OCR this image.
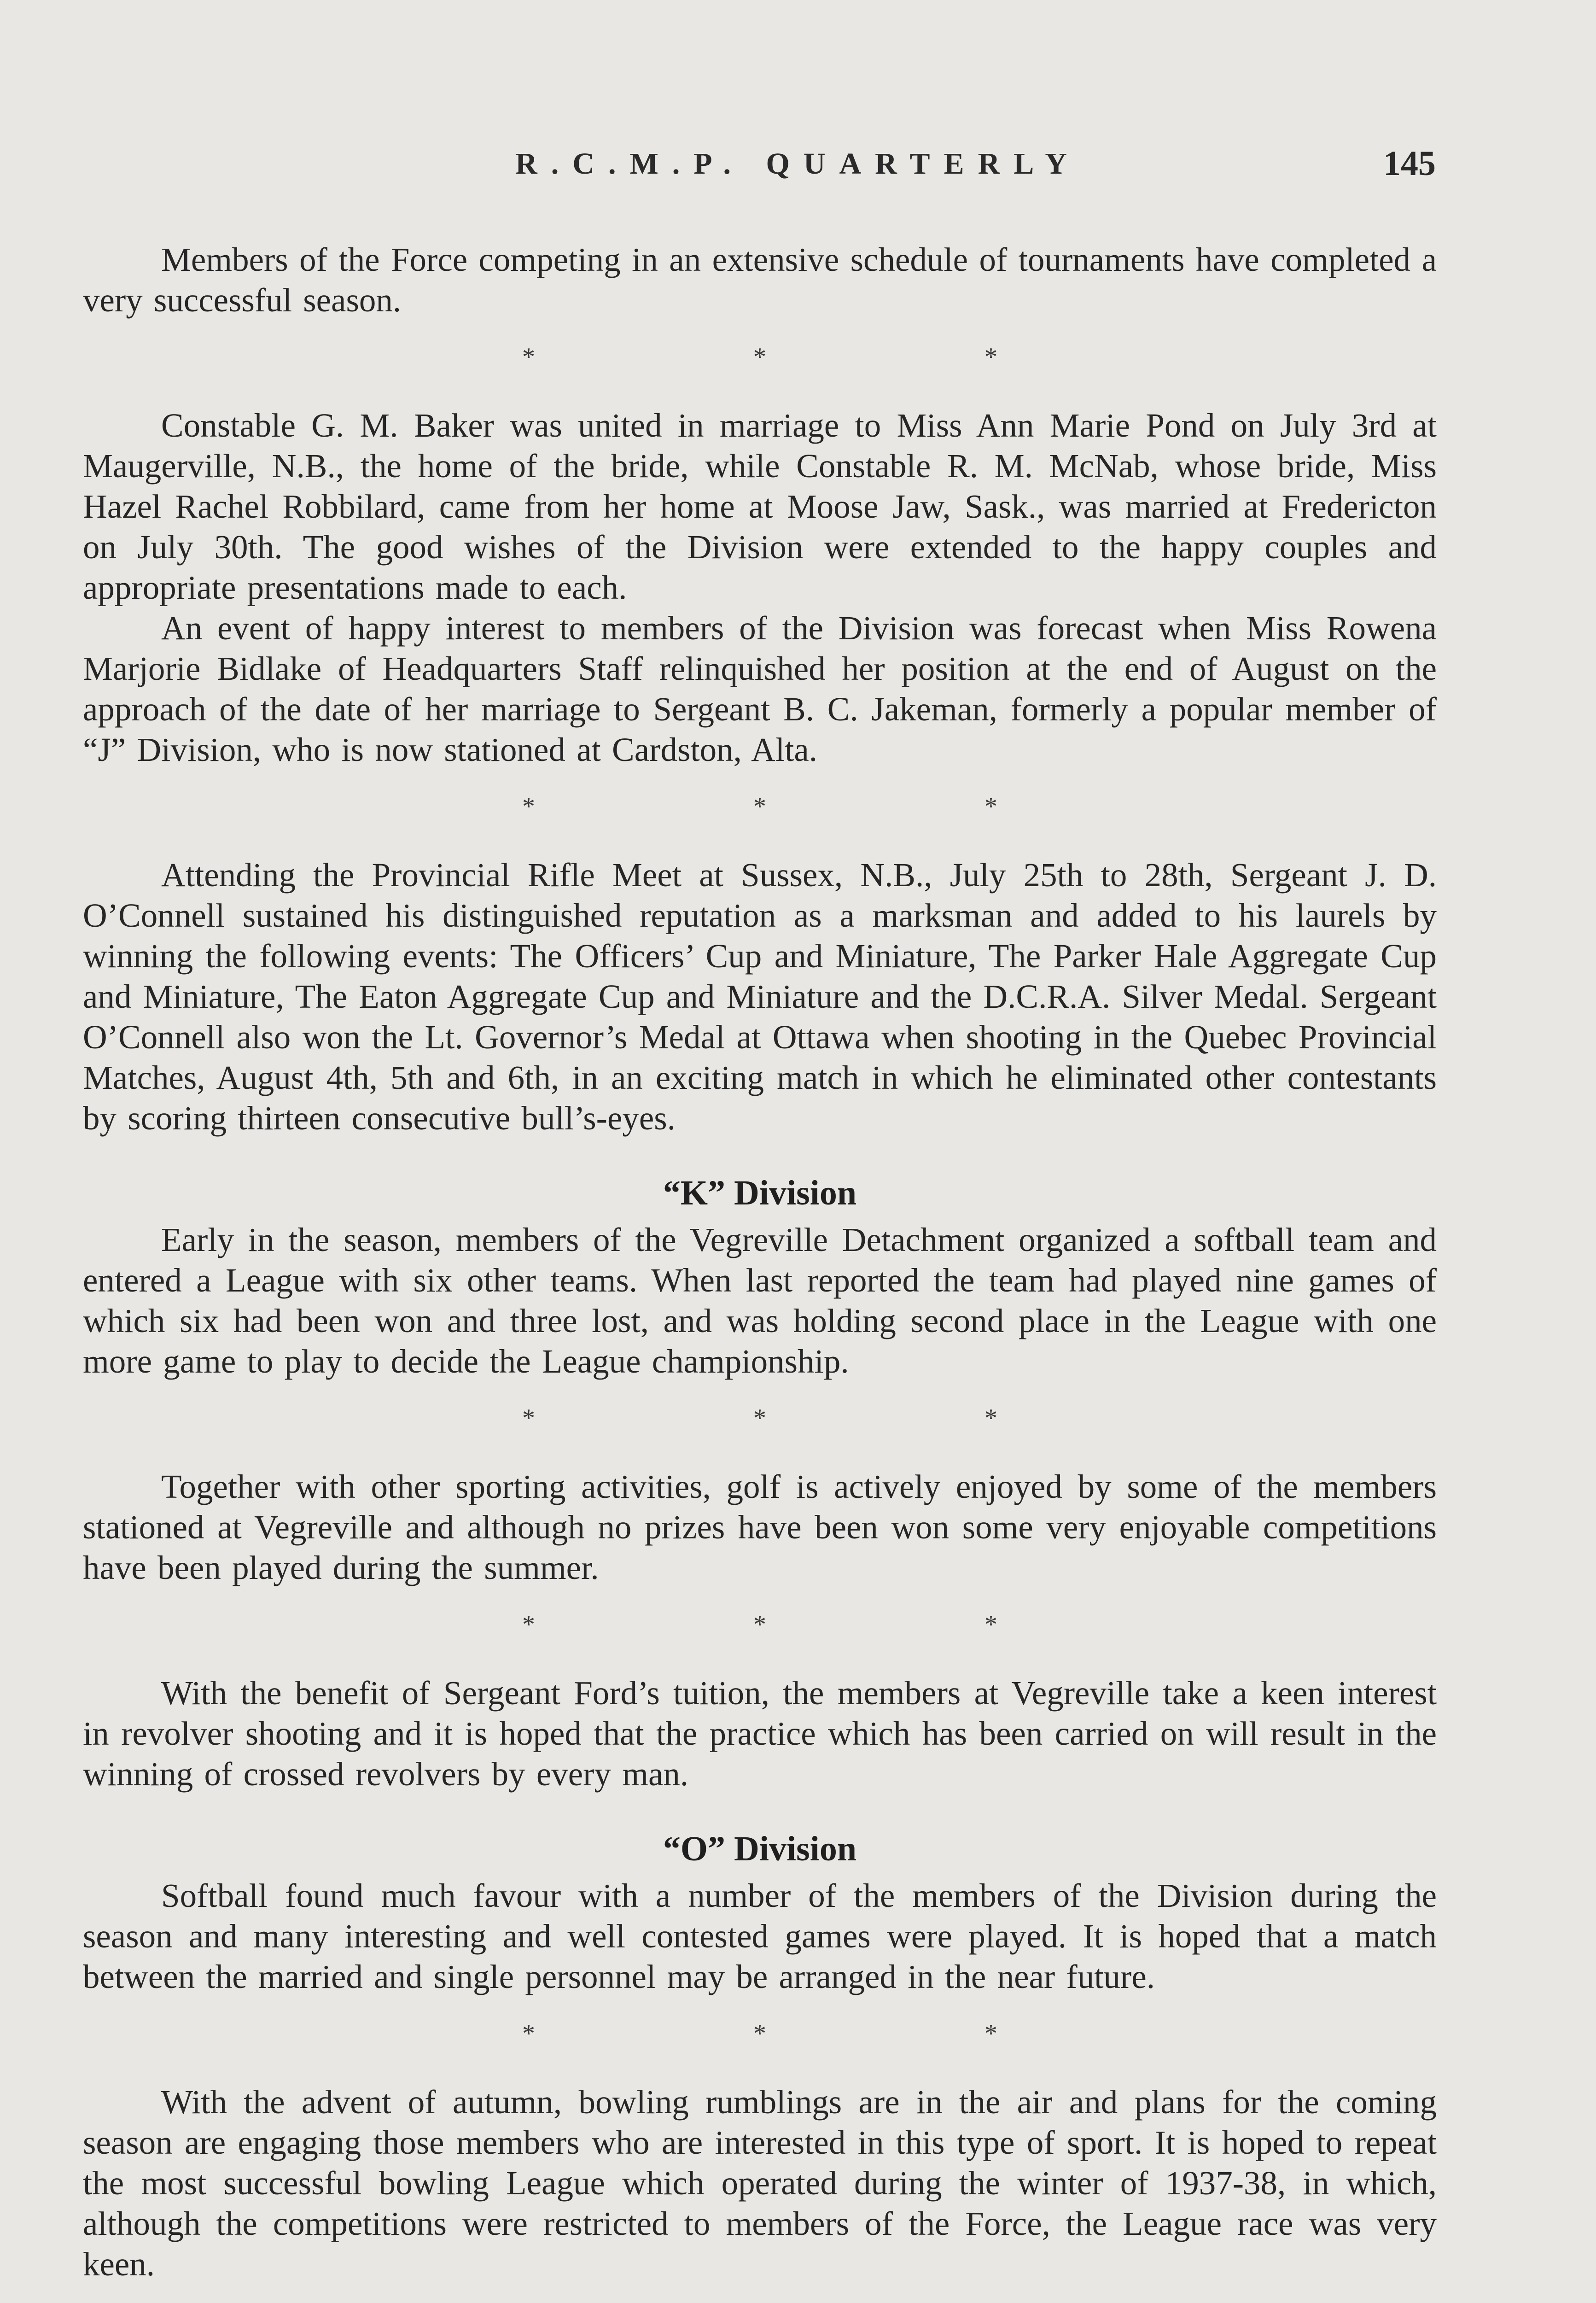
R.C.M.P. QUARTERLY	145

Members of the Force competing in an extensive schedule of tournaments have completed a very successful season.

* * *

Constable G. M. Baker was united in marriage to Miss Ann Marie Pond on July 3rd at Maugerville, N.B., the home of the bride, while Constable R. M. McNab, whose bride, Miss Hazel Rachel Robbilard, came from her home at Moose Jaw, Sask., was married at Fredericton on July 30th. The good wishes of the Division were extended to the happy couples and appropriate presentations made to each.

An event of happy interest to members of the Division was forecast when Miss Rowena Marjorie Bidlake of Headquarters Staff relinquished her position at the end of August on the approach of the date of her marriage to Sergeant B. C. Jakeman, formerly a popular member of “J” Division, who is now stationed at Cardston, Alta.

* * *

Attending the Provincial Rifle Meet at Sussex, N.B., July 25th to 28th, Sergeant J. D. O’Connell sustained his distinguished reputation as a marksman and added to his laurels by winning the following events: The Officers’ Cup and Miniature, The Parker Hale Aggregate Cup and Miniature, The Eaton Aggregate Cup and Miniature and the D.C.R.A. Silver Medal. Sergeant O’Connell also won the Lt. Governor’s Medal at Ottawa when shooting in the Quebec Provincial Matches, August 4th, 5th and 6th, in an exciting match in which he eliminated other contestants by scoring thirteen consecutive bull’s-eyes.

“K” Division

Early in the season, members of the Vegreville Detachment organized a softball team and entered a League with six other teams. When last reported the team had played nine games of which six had been won and three lost, and was holding second place in the League with one more game to play to decide the League championship.

* * *

Together with other sporting activities, golf is actively enjoyed by some of the members stationed at Vegreville and although no prizes have been won some very enjoyable competitions have been played during the summer.

* * *

With the benefit of Sergeant Ford’s tuition, the members at Vegreville take a keen interest in revolver shooting and it is hoped that the practice which has been carried on will result in the winning of crossed revolvers by every man.

“O” Division

Softball found much favour with a number of the members of the Division during the season and many interesting and well contested games were played. It is hoped that a match between the married and single personnel may be arranged in the near future.

* * *

With the advent of autumn, bowling rumblings are in the air and plans for the coming season are engaging those members who are interested in this type of sport. It is hoped to repeat the most successful bowling League which operated during the winter of 1937-38, in which, although the competitions were restricted to members of the Force, the League race was very keen.
